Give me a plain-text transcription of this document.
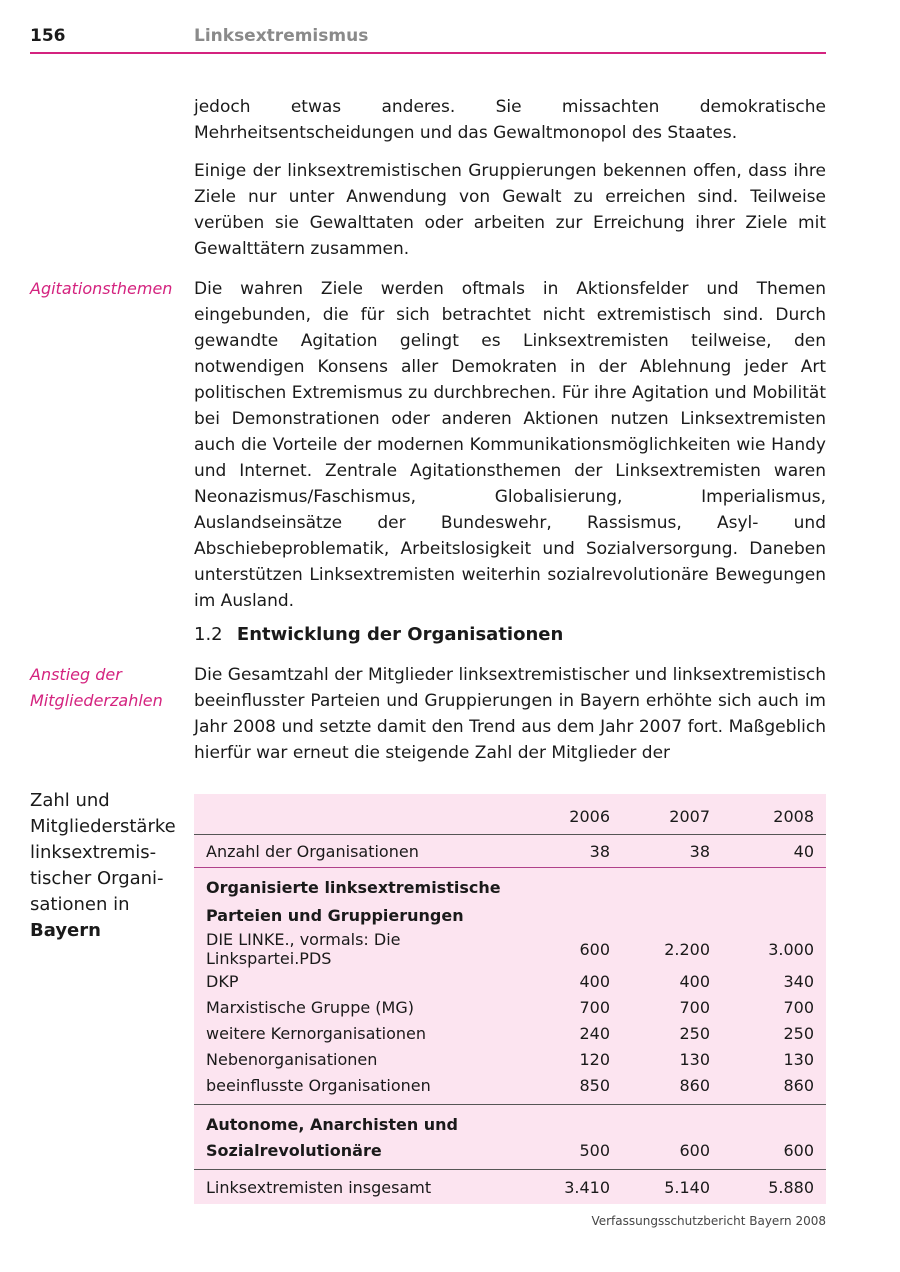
156	Linksextremismus

jedoch etwas anderes. Sie missachten demokratische Mehrheitsentscheidungen und das Gewaltmonopol des Staates.

Einige der linksextremistischen Gruppierungen bekennen offen, dass ihre Ziele nur unter Anwendung von Gewalt zu erreichen sind. Teilweise verüben sie Gewalttaten oder arbeiten zur Erreichung ihrer Ziele mit Gewalttätern zusammen.

Agitationsthemen	Die wahren Ziele werden oftmals in Aktionsfelder und Themen eingebunden, die für sich betrachtet nicht extremistisch sind. Durch gewandte Agitation gelingt es Linksextremisten teilweise, den notwendigen Konsens aller Demokraten in der Ablehnung jeder Art politischen Extremismus zu durchbrechen. Für ihre Agitation und Mobilität bei Demonstrationen oder anderen Aktionen nutzen Linksextremisten auch die Vorteile der modernen Kommunikationsmöglichkeiten wie Handy und Internet. Zentrale Agitationsthemen der Linksextremisten waren Neonazismus/Faschismus, Globalisierung, Imperialismus, Auslandseinsätze der Bundeswehr, Rassismus, Asyl- und Abschiebeproblematik, Arbeitslosigkeit und Sozialversorgung. Daneben unterstützen Linksextremisten weiterhin sozialrevolutionäre Bewegungen im Ausland.

1.2 Entwicklung der Organisationen
Anstieg der
Mitgliederzahlen

Die Gesamtzahl der Mitglieder linksextremistischer und linksextremistisch beeinflusster Parteien und Gruppierungen in Bayern erhöhte sich auch im Jahr 2008 und setzte damit den Trend aus dem Jahr 2007 fort. Maßgeblich hierfür war erneut die steigende Zahl der Mitglieder der

Zahl und
Mitgliederstärke
linksextremis-
tischer Organi-
sationen in
Bayern
	2006	2007	2008
Anzahl der Organisationen	38	38	40
Organisierte linksextremistische			
Parteien und Gruppierungen			
DIE LINKE., vormals: Die Linkspartei.PDS	600	2.200	3.000
DKP	400	400	340
Marxistische Gruppe (MG)	700	700	700
weitere Kernorganisationen	240	250	250
Nebenorganisationen	120	130	130
beeinflusste Organisationen	850	860	860
Autonome, Anarchisten und			
Sozialrevolutionäre	500	600	600
Linksextremisten insgesamt	3.410	5.140	5.880
Verfassungsschutzbericht Bayern 2008
